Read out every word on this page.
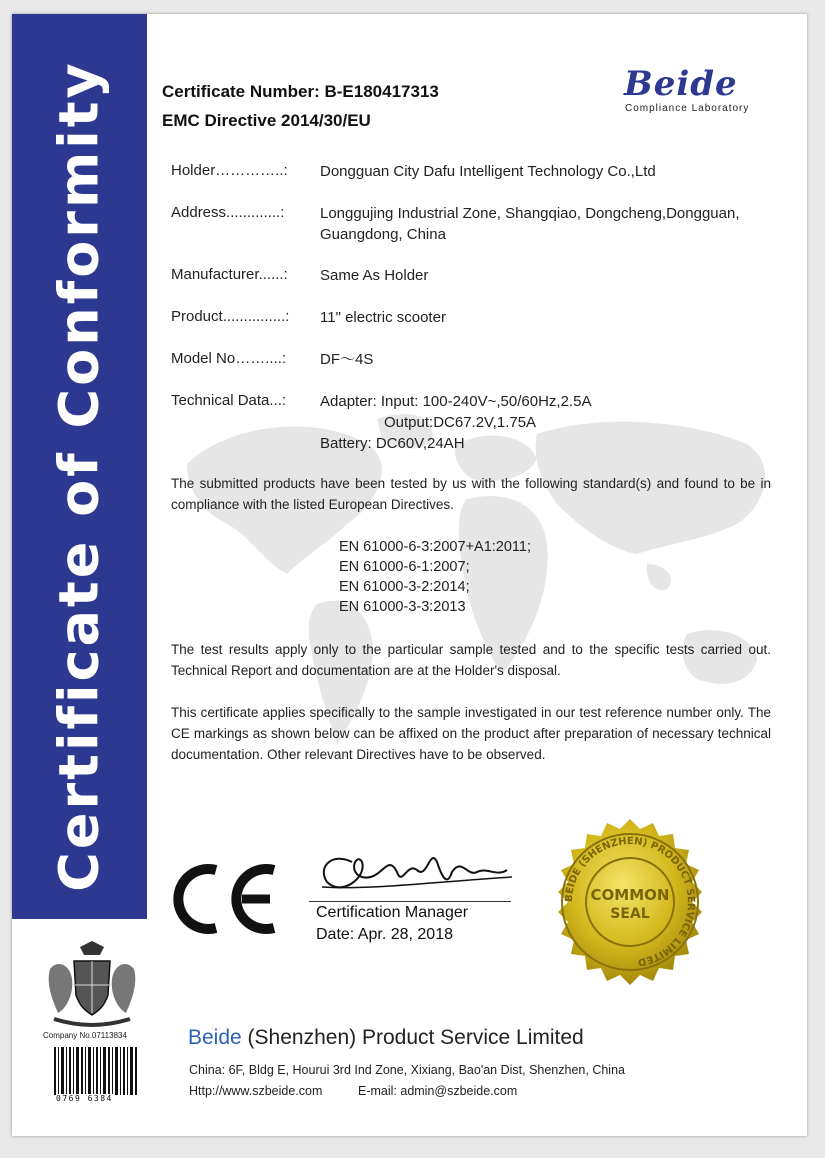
Certificate of Conformity	Certificate Number: B-E180417313
EMC Directive 2014/30/EU
Beide
Compliance Laboratory
Holder…………..: Dongguan City Dafu Intelligent Technology Co.,Ltd
Address.............: Longgujing Industrial Zone, Shangqiao, Dongcheng,Dongguan,
Guangdong, China
Manufacturer......: Same As Holder
Product...............: 11" electric scooter
Model No……....: DF～4S
Technical Data...: Adapter: Input: 100-240V~,50/60Hz,2.5A
Output:DC67.2V,1.75A
Battery: DC60V,24AH
The submitted products have been tested by us with the following standard(s) and found to be in compliance with the listed European Directives.
EN 61000-6-3:2007+A1:2011;
EN 61000-6-1:2007;
EN 61000-3-2:2014;
EN 61000-3-3:2013
The test results apply only to the particular sample tested and to the specific tests carried out. Technical Report and documentation are at the Holder's disposal.
This certificate applies specifically to the sample investigated in our test reference number only. The CE markings as shown below can be affixed on the product after preparation of necessary technical documentation. Other relevant Directives have to be observed.
Certification Manager
Date: Apr. 28, 2018
BEIDE (SHENZHEN) PRODUCT SERVICE LIMITED
COMMON
SEAL
Company No.07113834
0769 6384
Beide (Shenzhen) Product Service Limited
China: 6F, Bldg E, Hourui 3rd Ind Zone, Xixiang, Bao'an Dist, Shenzhen, China
Http://www.szbeide.com	E-mail: admin@szbeide.com
